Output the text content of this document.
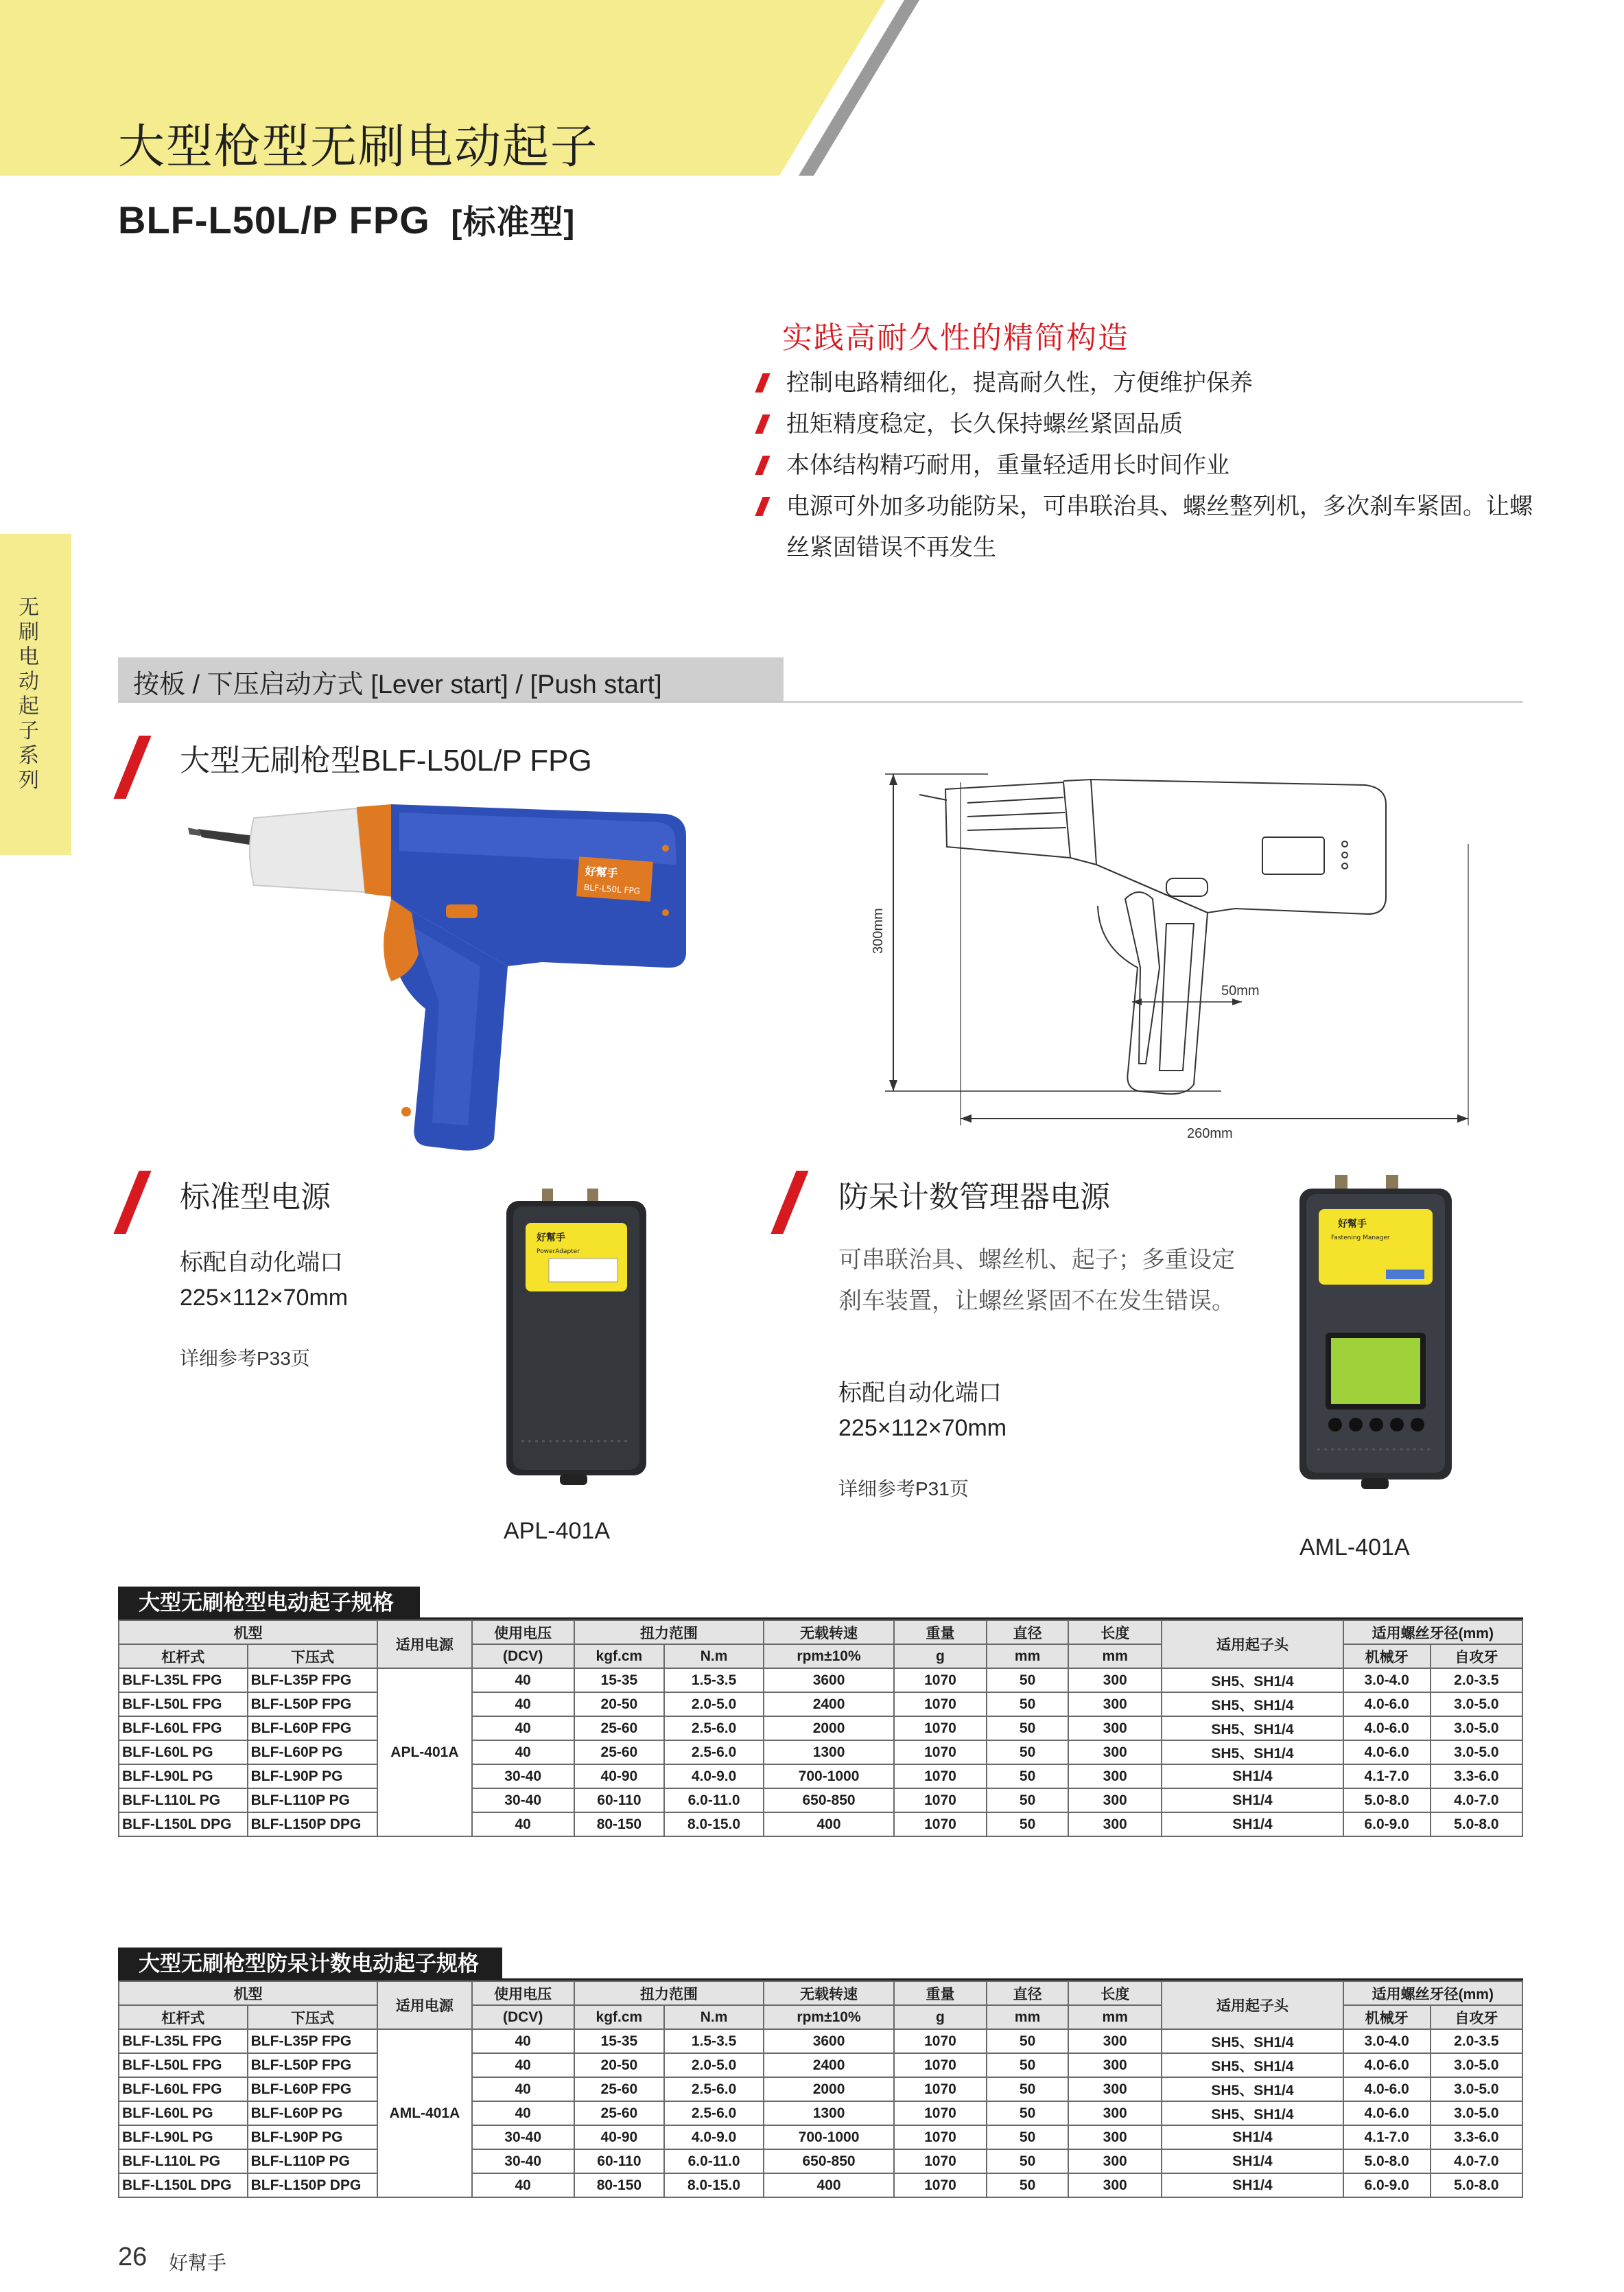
大型枪型无刷电动起子
BLF-L50L/P FPG [标准型]
无刷电动起子系列
实践高耐久性的精简构造
控制电路精细化，提高耐久性，方便维护保养
扭矩精度稳定，长久保持螺丝紧固品质
本体结构精巧耐用，重量轻适用长时间作业
电源可外加多功能防呆，可串联治具、螺丝整列机，多次刹车紧固。让螺丝紧固错误不再发生
按板 / 下压启动方式 [Lever start] / [Push start]
大型无刷枪型BLF-L50L/P FPG
好幫手
BLF-L50L FPG
300mm
260mm
50mm
标准型电源
标配自动化端口
225×112×70mm
详细参考P33页
好幫手
PowerAdapter
APL-401A
防呆计数管理器电源
可串联治具、螺丝机、起子；多重设定刹车装置，让螺丝紧固不在发生错误。
标配自动化端口
225×112×70mm
详细参考P31页
好幫手
Fastening Manager
AML-401A
大型无刷枪型电动起子规格
机型		适用电源	使用电压	扭力范围		无载转速	重量	直径	长度	适用起子头	适用螺丝牙径(mm)	
杠杆式	下压式		(DCV)	kgf.cm	N.m	rpm±10%	g	mm	mm		机械牙	自攻牙
BLF-L35L FPG	BLF-L35P FPG	APL-401A	40	15-35	1.5-3.5	3600	1070	50	300	SH5、SH1/4	3.0-4.0	2.0-3.5
BLF-L50L FPG	BLF-L50P FPG		40	20-50	2.0-5.0	2400	1070	50	300	SH5、SH1/4	4.0-6.0	3.0-5.0
BLF-L60L FPG	BLF-L60P FPG		40	25-60	2.5-6.0	2000	1070	50	300	SH5、SH1/4	4.0-6.0	3.0-5.0
BLF-L60L PG	BLF-L60P PG		40	25-60	2.5-6.0	1300	1070	50	300	SH5、SH1/4	4.0-6.0	3.0-5.0
BLF-L90L PG	BLF-L90P PG		30-40	40-90	4.0-9.0	700-1000	1070	50	300	SH1/4	4.1-7.0	3.3-6.0
BLF-L110L PG	BLF-L110P PG		30-40	60-110	6.0-11.0	650-850	1070	50	300	SH1/4	5.0-8.0	4.0-7.0
BLF-L150L DPG	BLF-L150P DPG		40	80-150	8.0-15.0	400	1070	50	300	SH1/4	6.0-9.0	5.0-8.0
大型无刷枪型防呆计数电动起子规格
机型		适用电源	使用电压	扭力范围		无载转速	重量	直径	长度	适用起子头	适用螺丝牙径(mm)	
杠杆式	下压式		(DCV)	kgf.cm	N.m	rpm±10%	g	mm	mm		机械牙	自攻牙
BLF-L35L FPG	BLF-L35P FPG	AML-401A	40	15-35	1.5-3.5	3600	1070	50	300	SH5、SH1/4	3.0-4.0	2.0-3.5
BLF-L50L FPG	BLF-L50P FPG		40	20-50	2.0-5.0	2400	1070	50	300	SH5、SH1/4	4.0-6.0	3.0-5.0
BLF-L60L FPG	BLF-L60P FPG		40	25-60	2.5-6.0	2000	1070	50	300	SH5、SH1/4	4.0-6.0	3.0-5.0
BLF-L60L PG	BLF-L60P PG		40	25-60	2.5-6.0	1300	1070	50	300	SH5、SH1/4	4.0-6.0	3.0-5.0
BLF-L90L PG	BLF-L90P PG		30-40	40-90	4.0-9.0	700-1000	1070	50	300	SH1/4	4.1-7.0	3.3-6.0
BLF-L110L PG	BLF-L110P PG		30-40	60-110	6.0-11.0	650-850	1070	50	300	SH1/4	5.0-8.0	4.0-7.0
BLF-L150L DPG	BLF-L150P DPG		40	80-150	8.0-15.0	400	1070	50	300	SH1/4	6.0-9.0	5.0-8.0
26 好幫手
